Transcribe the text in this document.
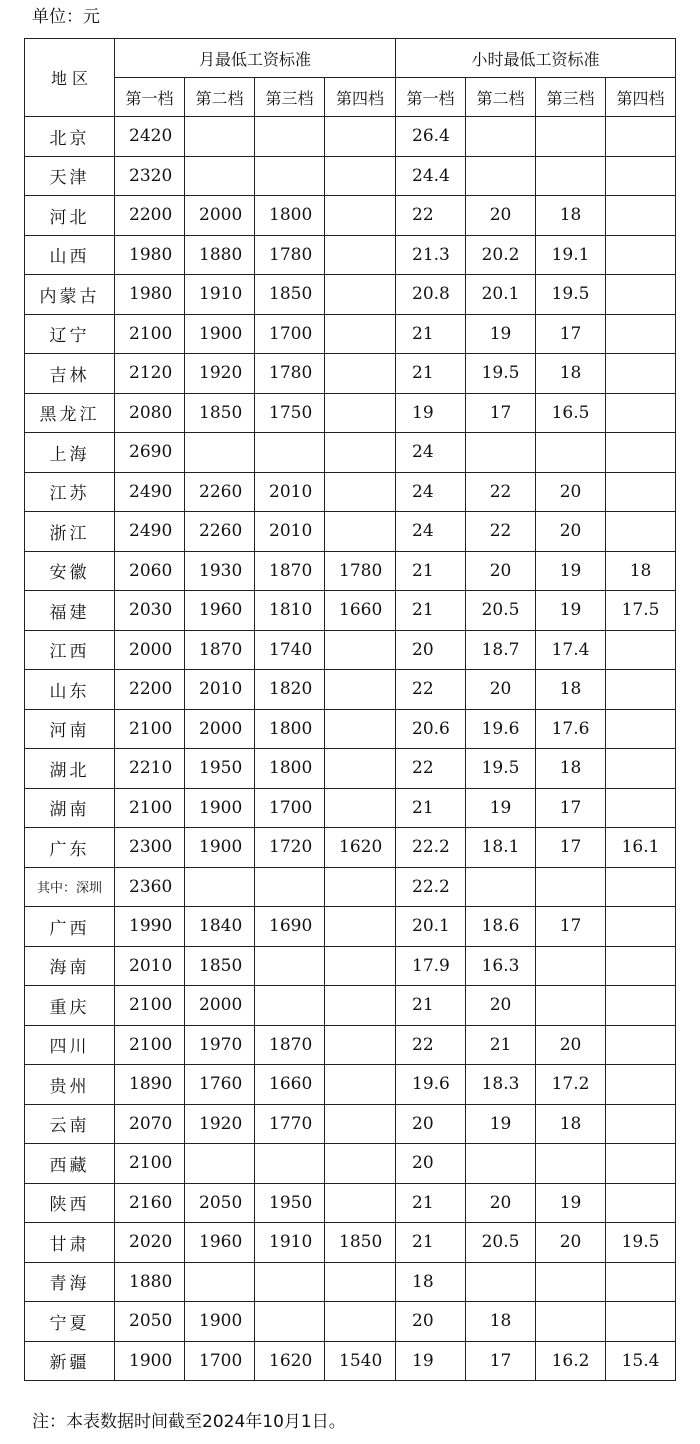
单位：元
地 区	月最低工资标准				小时最低工资标准			
	第一档	第二档	第三档	第四档	第一档	第二档	第三档	第四档
北京	2420				26.4			
天津	2320				24.4			
河北	2200	2000	1800		22	20	18	
山西	1980	1880	1780		21.3	20.2	19.1	
内蒙古	1980	1910	1850		20.8	20.1	19.5	
辽宁	2100	1900	1700		21	19	17	
吉林	2120	1920	1780		21	19.5	18	
黑龙江	2080	1850	1750		19	17	16.5	
上海	2690				24			
江苏	2490	2260	2010		24	22	20	
浙江	2490	2260	2010		24	22	20	
安徽	2060	1930	1870	1780	21	20	19	18
福建	2030	1960	1810	1660	21	20.5	19	17.5
江西	2000	1870	1740		20	18.7	17.4	
山东	2200	2010	1820		22	20	18	
河南	2100	2000	1800		20.6	19.6	17.6	
湖北	2210	1950	1800		22	19.5	18	
湖南	2100	1900	1700		21	19	17	
广东	2300	1900	1720	1620	22.2	18.1	17	16.1
其中：深圳	2360				22.2			
广西	1990	1840	1690		20.1	18.6	17	
海南	2010	1850			17.9	16.3		
重庆	2100	2000			21	20		
四川	2100	1970	1870		22	21	20	
贵州	1890	1760	1660		19.6	18.3	17.2	
云南	2070	1920	1770		20	19	18	
西藏	2100				20			
陕西	2160	2050	1950		21	20	19	
甘肃	2020	1960	1910	1850	21	20.5	20	19.5
青海	1880				18			
宁夏	2050	1900			20	18		
新疆	1900	1700	1620	1540	19	17	16.2	15.4
注：本表数据时间截至2024年10月1日。
